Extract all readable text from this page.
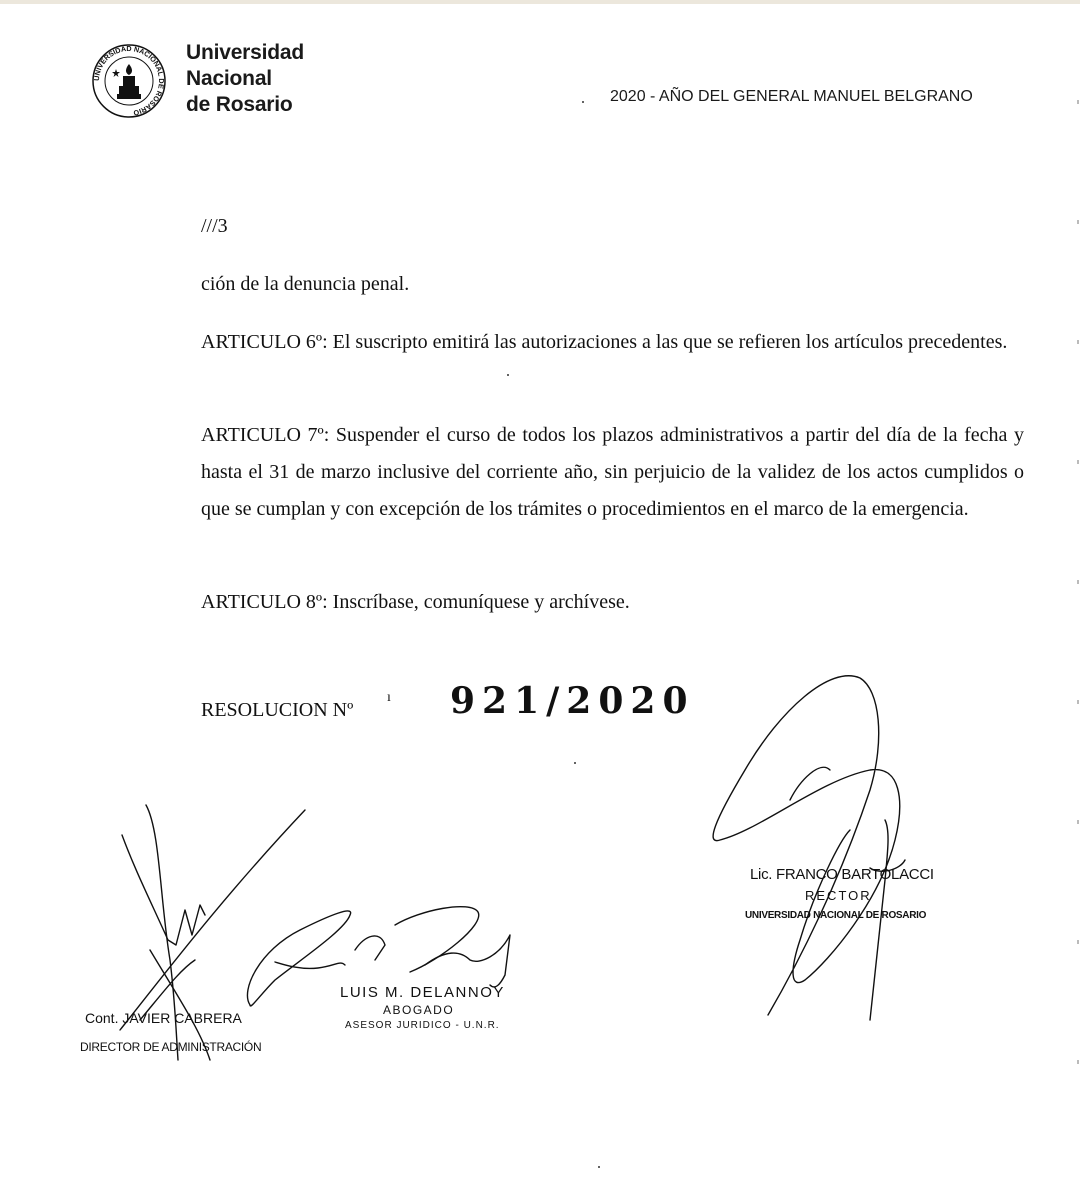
UNIVERSIDAD NACIONAL DE ROSARIO
Universidad
Nacional
de Rosario	2020 - AÑO DEL GENERAL MANUEL BELGRANO
///3

ción de la denuncia penal.

ARTICULO 6º: El suscripto emitirá las autorizaciones a las que se refieren los artículos precedentes.

ARTICULO 7º: Suspender el curso de todos los plazos administrativos a partir del día de la fecha y hasta el 31 de marzo inclusive del corriente año, sin perjuicio de la validez de los actos cumplidos o que se cumplan y con excepción de los trámites o procedimientos en el marco de la emergencia.

ARTICULO 8º: Inscríbase, comuníquese y archívese.

RESOLUCION Nº
ı 921/2020
Cont. JAVIER CABRERA
DIRECTOR DE ADMINISTRACIÓN
LUIS M. DELANNOY
ABOGADO
ASESOR JURIDICO - U.N.R.
Lic. FRANCO BARTOLACCI
RECTOR
UNIVERSIDAD NACIONAL DE ROSARIO
